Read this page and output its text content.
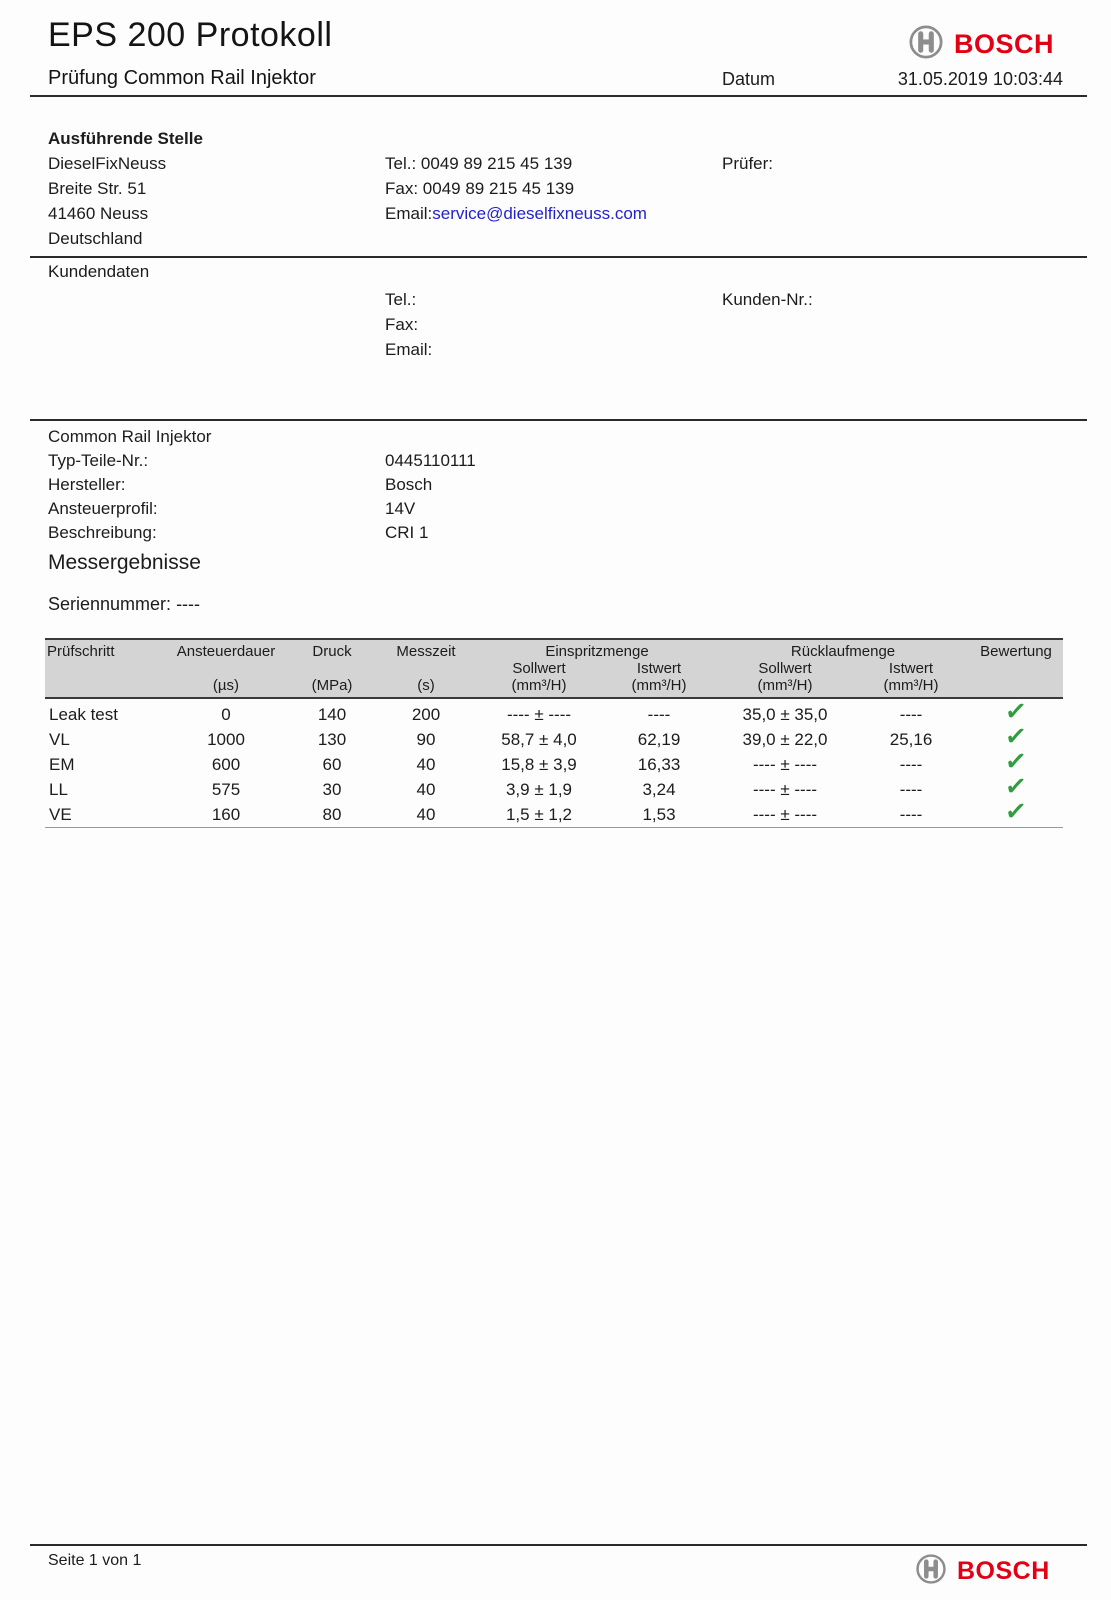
EPS 200 Protokoll
Prüfung Common Rail Injektor	Datum	31.05.2019 10:03:44
BOSCH
Ausführende Stelle
DieselFixNeuss
Breite Str. 51
41460 Neuss
Deutschland
Tel.: 0049 89 215 45 139
Fax: 0049 89 215 45 139
Email:service@dieselfixneuss.com
Prüfer:
Kundendaten
Tel.:
Fax:
Email:
Kunden-Nr.:
Common Rail Injektor
Typ-Teile-Nr.:	0445110111
Hersteller:	Bosch
Ansteuerprofil:	14V
Beschreibung:	CRI 1
Messergebnisse
Seriennummer: ----
Prüfschritt	Ansteuerdauer	Druck	Messzeit	Einspritzmenge		Rücklaufmenge		Bewertung
				Sollwert	Istwert	Sollwert	Istwert	
	(µs)	(MPa)	(s)	(mm³/H)	(mm³/H)	(mm³/H)	(mm³/H)	
Leak test	0	140	200	---- ± ----	----	35,0 ± 35,0	----	✓
VL	1000	130	90	58,7 ± 4,0	62,19	39,0 ± 22,0	25,16	✓
EM	600	60	40	15,8 ± 3,9	16,33	---- ± ----	----	✓
LL	575	30	40	3,9 ± 1,9	3,24	---- ± ----	----	✓
VE	160	80	40	1,5 ± 1,2	1,53	---- ± ----	----	✓
Seite 1 von 1	BOSCH
